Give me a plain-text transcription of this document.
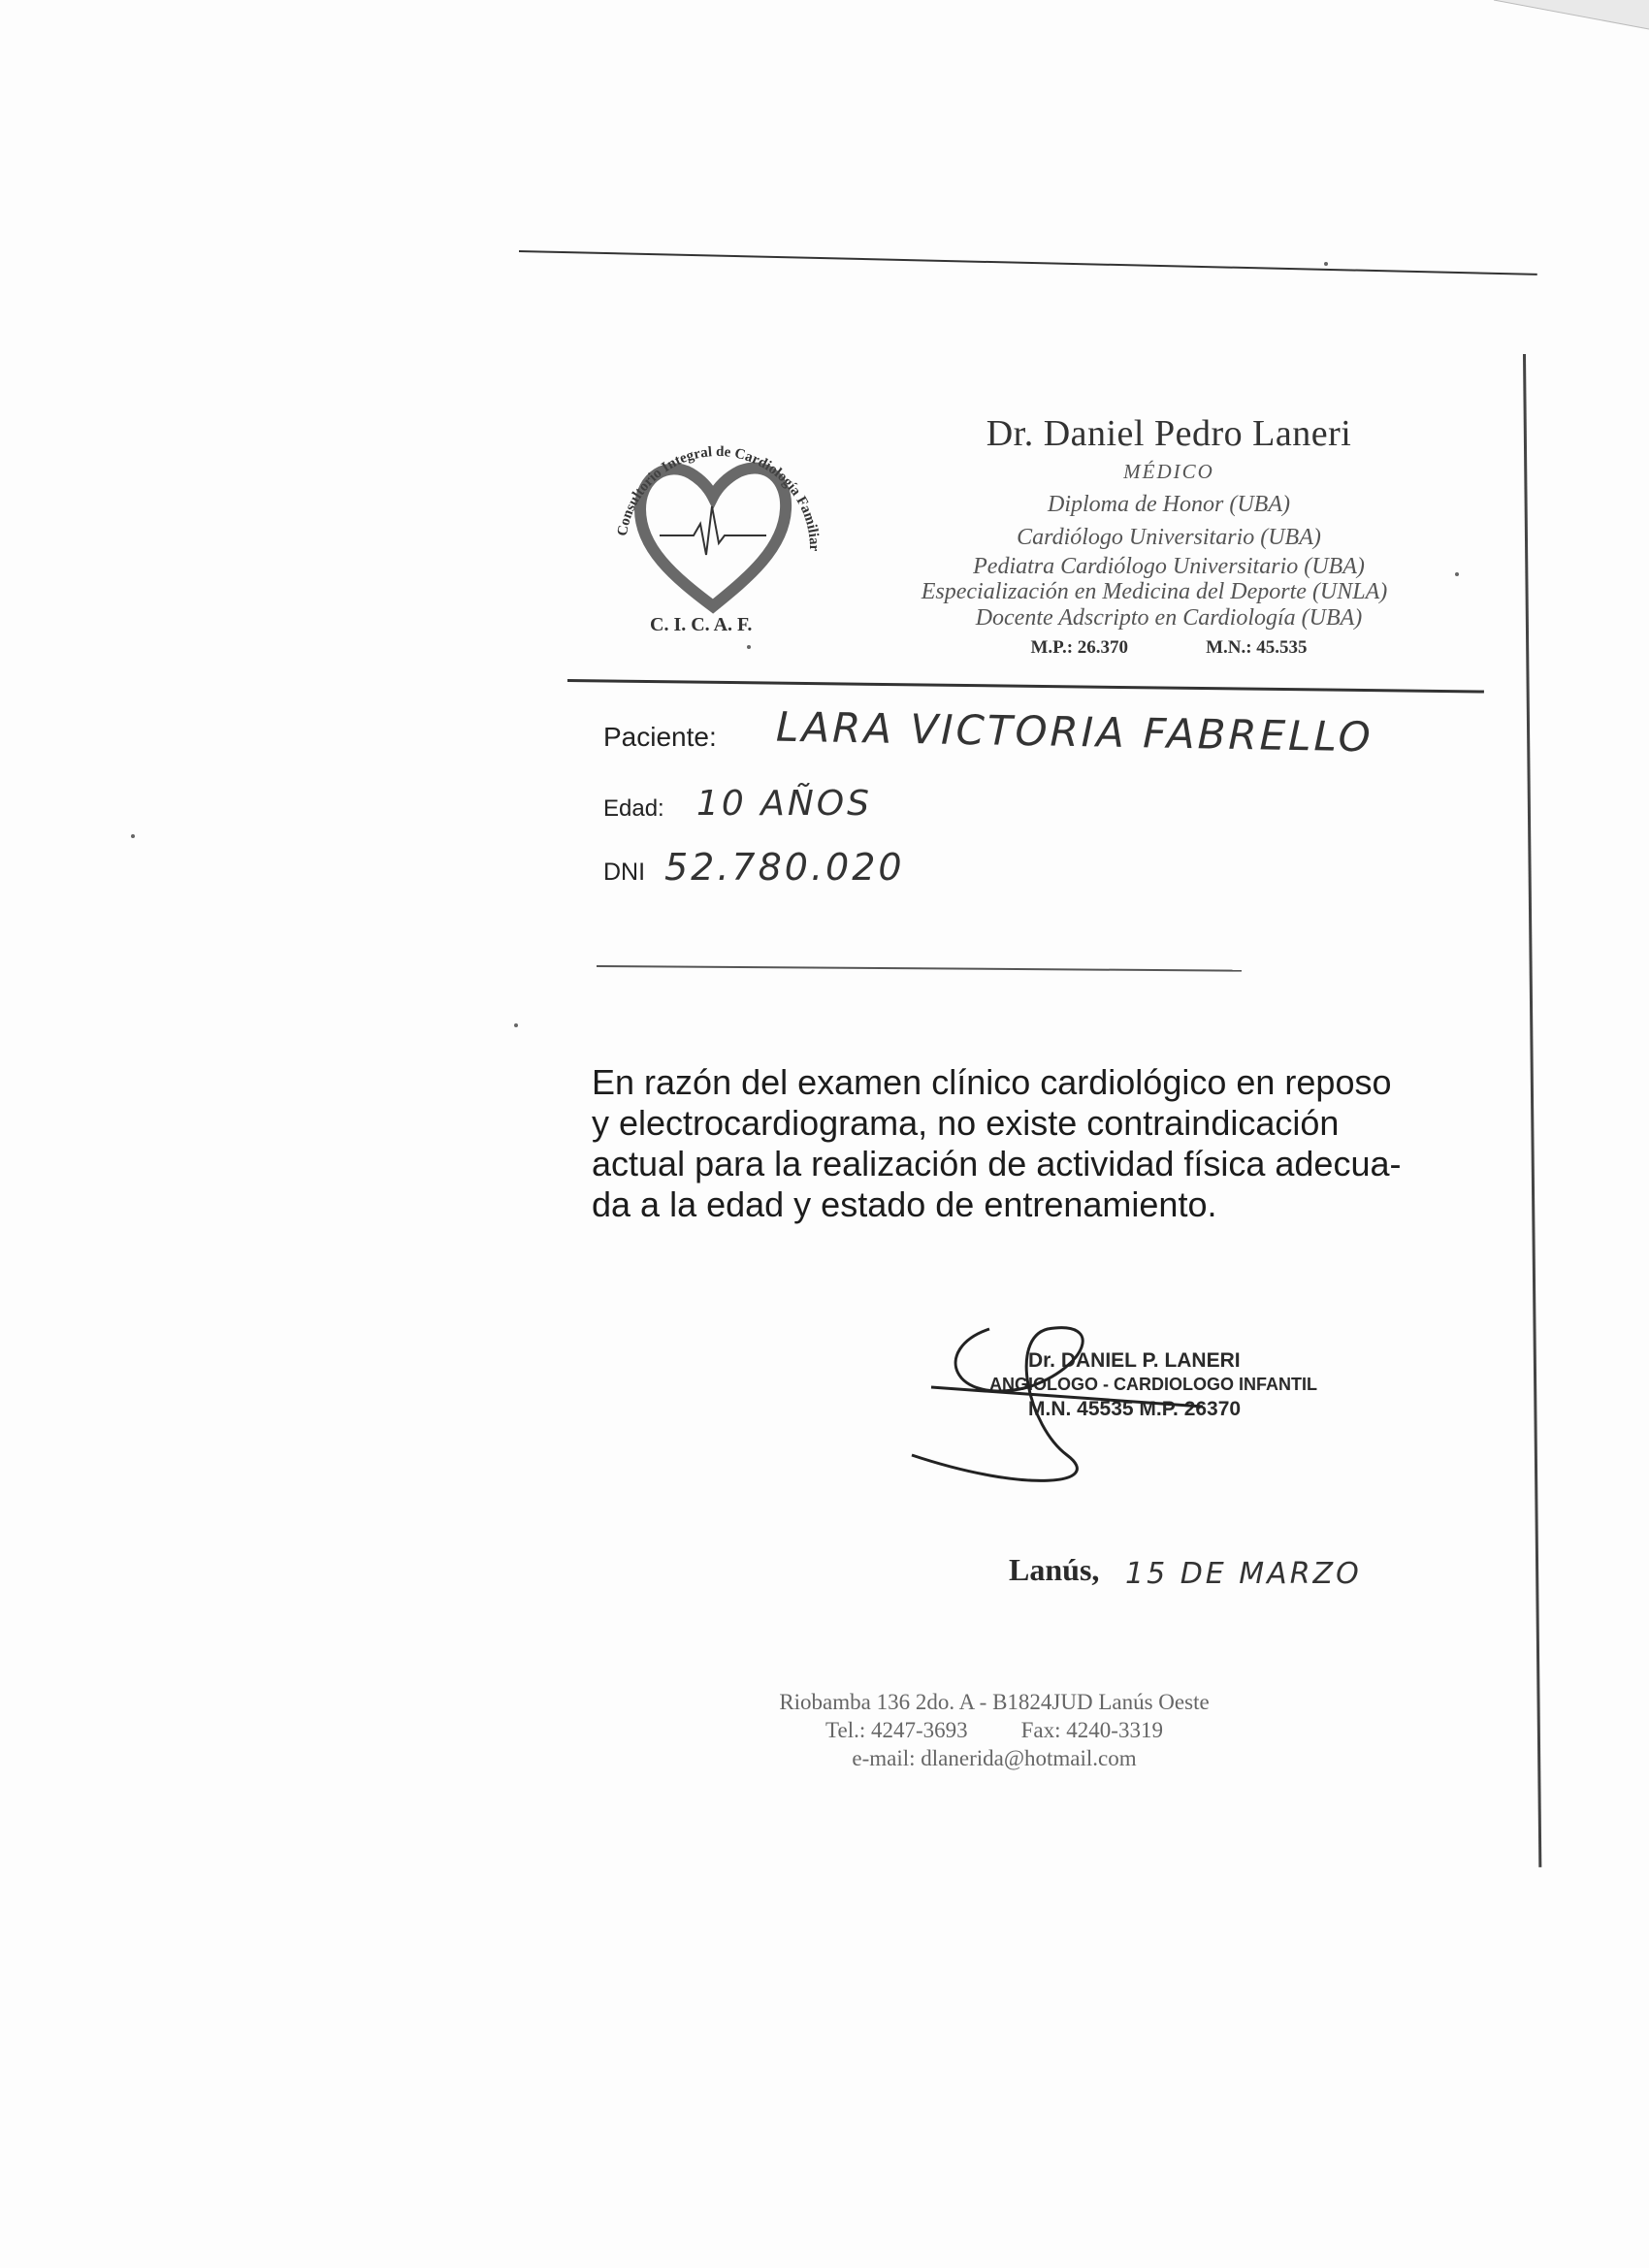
Consultorio Integral de Cardiología Familiar
C. I. C. A. F.
Dr. Daniel Pedro Laneri
MÉDICO
Diploma de Honor (UBA)
Cardiólogo Universitario (UBA)
Pediatra Cardiólogo Universitario (UBA)
Especialización en Medicina del Deporte (UNLA)
Docente Adscripto en Cardiología (UBA)
M.P.: 26.370	M.N.: 45.535
Paciente: LARA VICTORIA FABRELLO
Edad: 10 AÑOS
DNI 52.780.020
En razón del examen clínico cardiológico en reposo
y electrocardiograma, no existe contraindicación
actual para la realización de actividad física adecua-
da a la edad y estado de entrenamiento.
Dr. DANIEL P. LANERI
ANGIOLOGO - CARDIOLOGO INFANTIL
M.N. 45535 M.P. 26370
Lanús, 15 DE MARZO
Riobamba 136 2do. A - B1824JUD Lanús Oeste
Tel.: 4247-3693 Fax: 4240-3319
e-mail: dlanerida@hotmail.com
